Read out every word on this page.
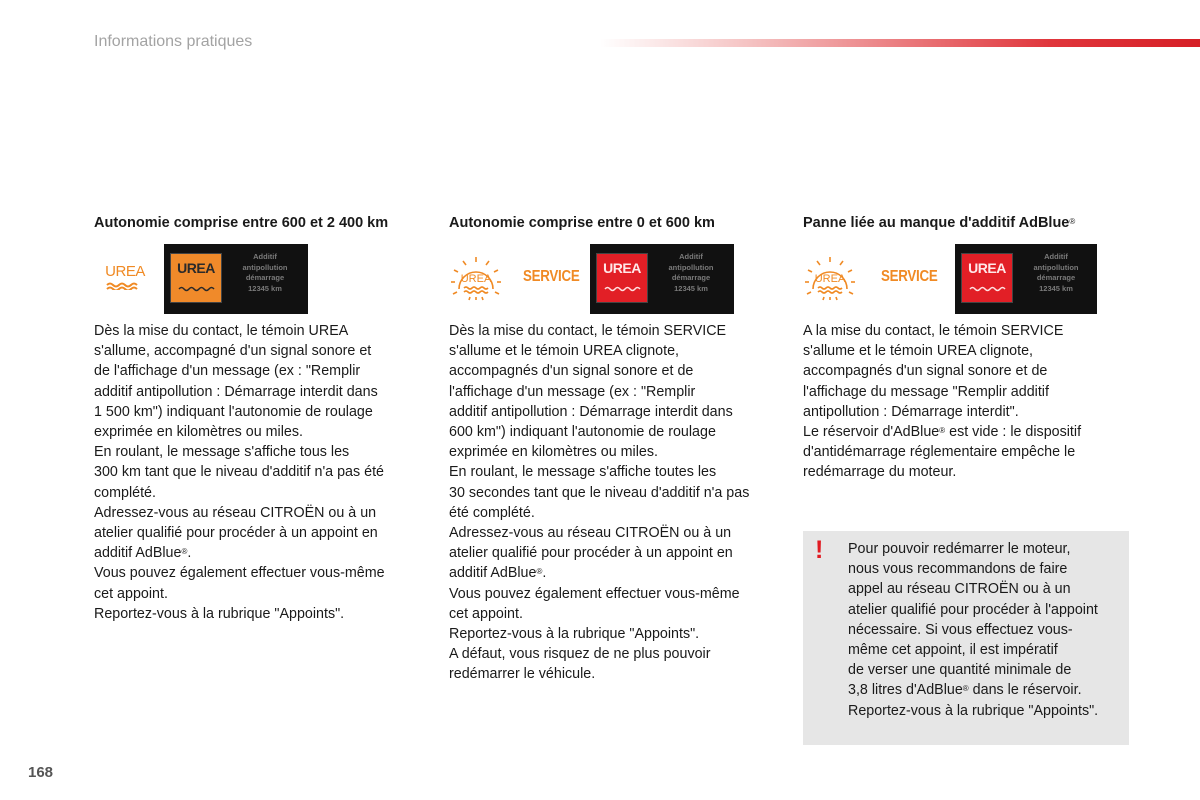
Informations pratiques
Autonomie comprise entre 600 et 2 400 km
UREA	UREA
Additif
antipollution
démarrage
12345 km
Dès la mise du contact, le témoin UREA
s'allume, accompagné d'un signal sonore et
de l'affichage d'un message (ex : "Remplir
additif antipollution : Démarrage interdit dans
1 500 km") indiquant l'autonomie de roulage
exprimée en kilomètres ou miles.
En roulant, le message s'affiche tous les
300 km tant que le niveau d'additif n'a pas été
complété.
Adressez-vous au réseau CITROËN ou à un
atelier qualifié pour procéder à un appoint en
additif AdBlue®.
Vous pouvez également effectuer vous-même
cet appoint.
Reportez-vous à la rubrique "Appoints".
Autonomie comprise entre 0 et 600 km
UREA SERVICE	UREA
Additif
antipollution
démarrage
12345 km
Dès la mise du contact, le témoin SERVICE
s'allume et le témoin UREA clignote,
accompagnés d'un signal sonore et de
l'affichage d'un message (ex : "Remplir
additif antipollution : Démarrage interdit dans
600 km") indiquant l'autonomie de roulage
exprimée en kilomètres ou miles.
En roulant, le message s'affiche toutes les
30 secondes tant que le niveau d'additif n'a pas
été complété.
Adressez-vous au réseau CITROËN ou à un
atelier qualifié pour procéder à un appoint en
additif AdBlue®.
Vous pouvez également effectuer vous-même
cet appoint.
Reportez-vous à la rubrique "Appoints".
A défaut, vous risquez de ne plus pouvoir
redémarrer le véhicule.
Panne liée au manque d'additif AdBlue®
UREA SERVICE	UREA
Additif
antipollution
démarrage
12345 km
A la mise du contact, le témoin SERVICE
s'allume et le témoin UREA clignote,
accompagnés d'un signal sonore et de
l'affichage du message "Remplir additif
antipollution : Démarrage interdit".
Le réservoir d'AdBlue® est vide : le dispositif
d'antidémarrage réglementaire empêche le
redémarrage du moteur.
! Pour pouvoir redémarrer le moteur,
nous vous recommandons de faire
appel au réseau CITROËN ou à un
atelier qualifié pour procéder à l'appoint
nécessaire. Si vous effectuez vous-
même cet appoint, il est impératif
de verser une quantité minimale de
3,8 litres d'AdBlue® dans le réservoir.
Reportez-vous à la rubrique "Appoints".
168
